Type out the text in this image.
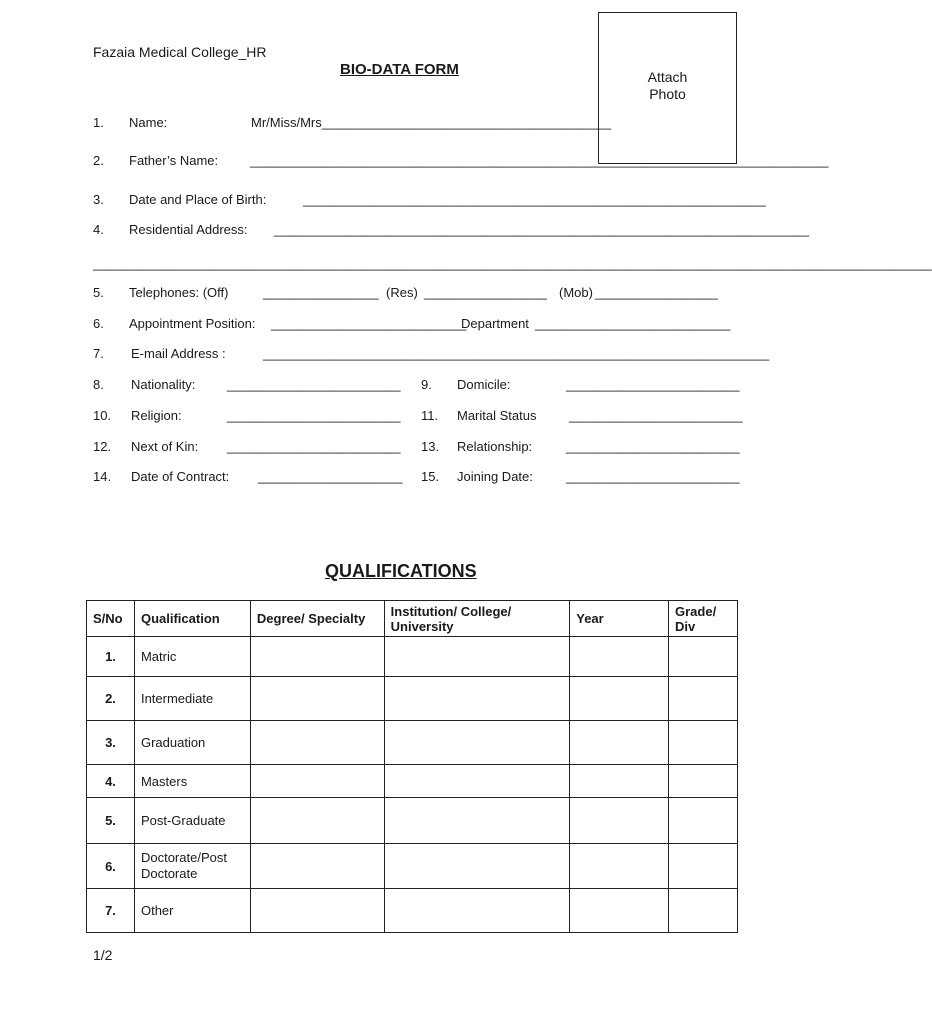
Fazaia Medical College_HR
BIO-DATA FORM	Attach
Photo
1. Name:	Mr/Miss/Mrs________________________________________
2. Father’s Name: ________________________________________________________________________________
3. Date and Place of Birth:	________________________________________________________________
4. Residential Address: __________________________________________________________________________
____________________________________________________________________________________________________________________
5. Telephones: (Off)	________________ (Res) _________________ (Mob) _________________
6. Appointment Position: ___________________________
Department ___________________________
7. E-mail Address :	______________________________________________________________________
8. Nationality: ________________________ 9. Domicile:	________________________
10. Religion:	________________________ 11. Marital Status	________________________
12. Next of Kin: ________________________ 13. Relationship:	________________________
14. Date of Contract: ____________________ 15. Joining Date:	________________________
QUALIFICATIONS
S/No	Qualification	Degree/ Specialty	Institution/ College/ University	Year	Grade/ Div
1.	Matric				
2.	Intermediate				
3.	Graduation				
4.	Masters				
5.	Post-Graduate				
6.	Doctorate/Post Doctorate				
7.	Other				
1/2
